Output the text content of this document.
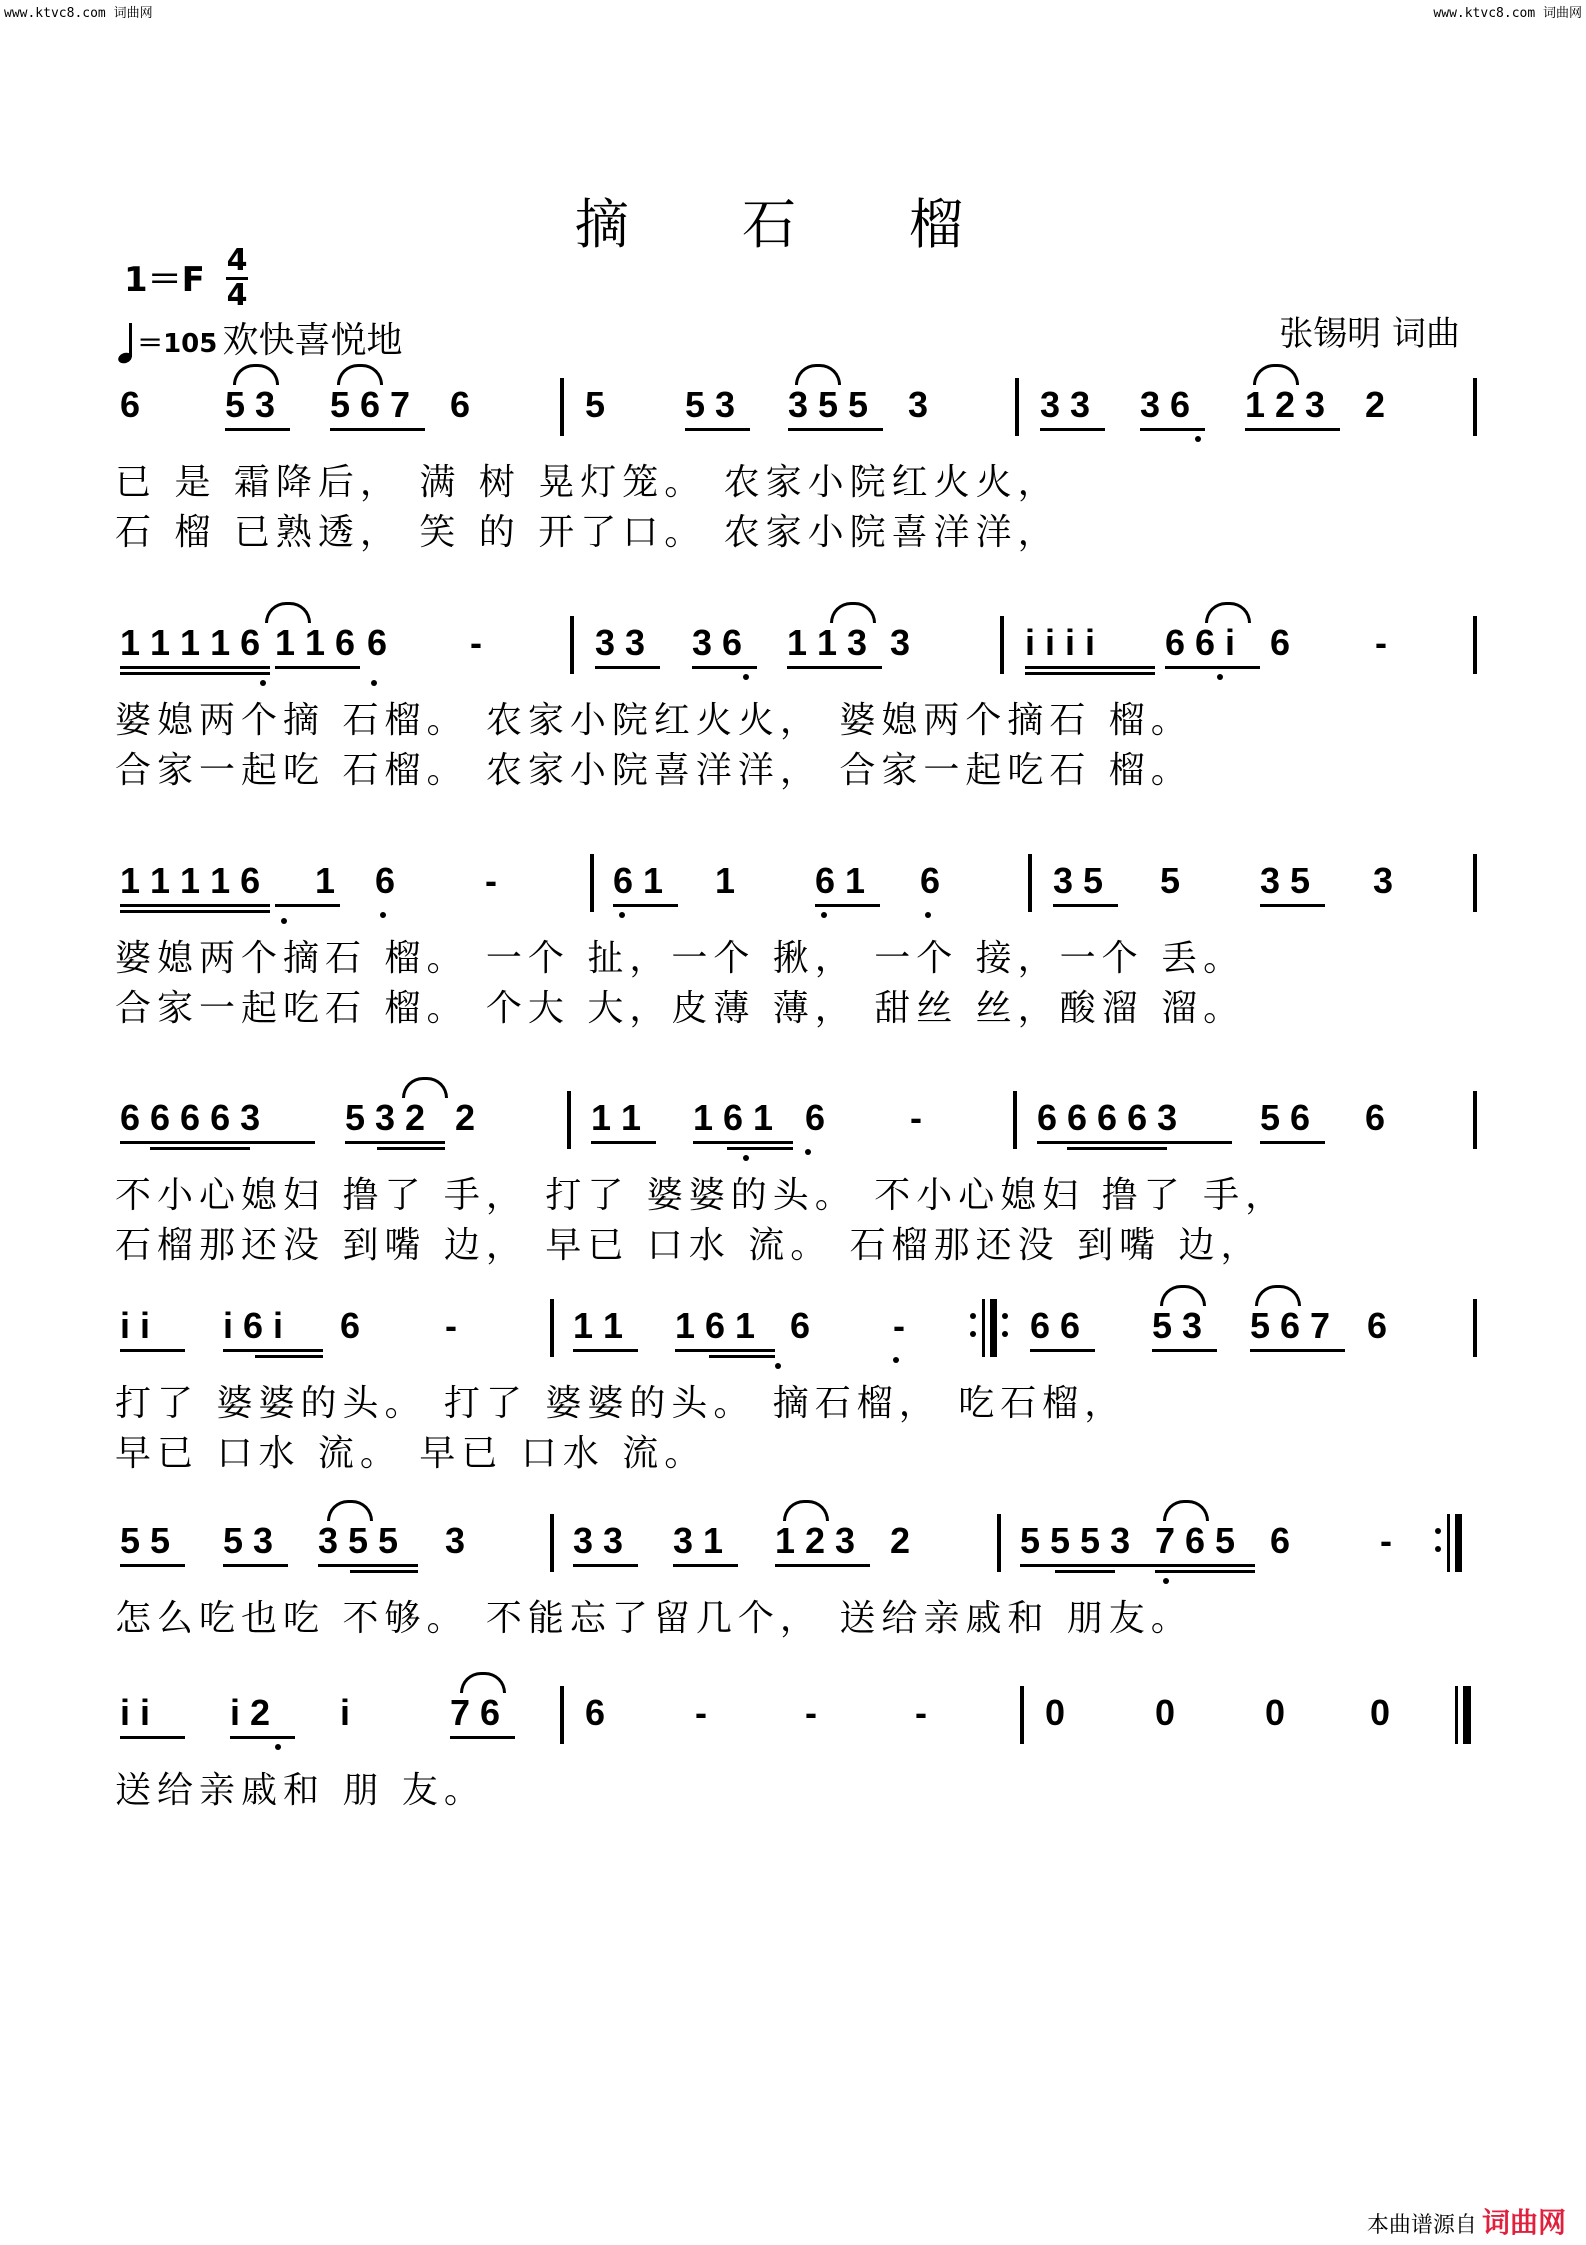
www.ktvc8.com 词曲网	www.ktvc8.com 词曲网
摘 石 榴
1＝F 4
4
＝105 欢快喜悦地	张锡明 词曲
6 5 3 5 6 7 6	5 5 3 3 5 5 3	3 3 3 6 1 2 3 2
已 是 霜降后， 满 树 晃灯笼。 农家小院红火火，
石 榴 已熟透， 笑 的 开了口。 农家小院喜洋洋，
1 1 1 1 6 1 1 6 6 -	3 3 3 6 1 1 3 3	i i i i 6 6 i 6 -
婆媳两个摘 石榴。 农家小院红火火， 婆媳两个摘石 榴。
合家一起吃 石榴。 农家小院喜洋洋， 合家一起吃石 榴。
1 1 1 1 6 1 6 -	6 1 1 6 1 6	3 5 5 3 5 3
婆媳两个摘石 榴。 一个 扯，一个 揪， 一个 接，一个 丢。
合家一起吃石 榴。 个大 大，皮薄 薄， 甜丝 丝，酸溜 溜。
6 6 6 6 3 5 3 2 2	1 1 1 6 1 6 -	6 6 6 6 3 5 6 6
不小心媳妇 撸了 手， 打了 婆婆的头。 不小心媳妇 撸了 手，
石榴那还没 到嘴 边， 早已 口水 流。 石榴那还没 到嘴 边，
i i i 6 i 6 -	1 1 1 6 1 6 -	6 6 5 3 5 6 7 6
打了 婆婆的头。 打了 婆婆的头。 摘石榴， 吃石榴，
早已 口水 流。 早已 口水 流。
5 5 5 3 3 5 5 3	3 3 3 1 1 2 3 2	5 5 5 3 7 6 5 6 -
怎么吃也吃 不够。 不能忘了留几个， 送给亲戚和 朋友。
i i i 2 i	7 6 6 -	-	-	0 0 0 0
送给亲戚和 朋 友。
本曲谱源自 词曲网
